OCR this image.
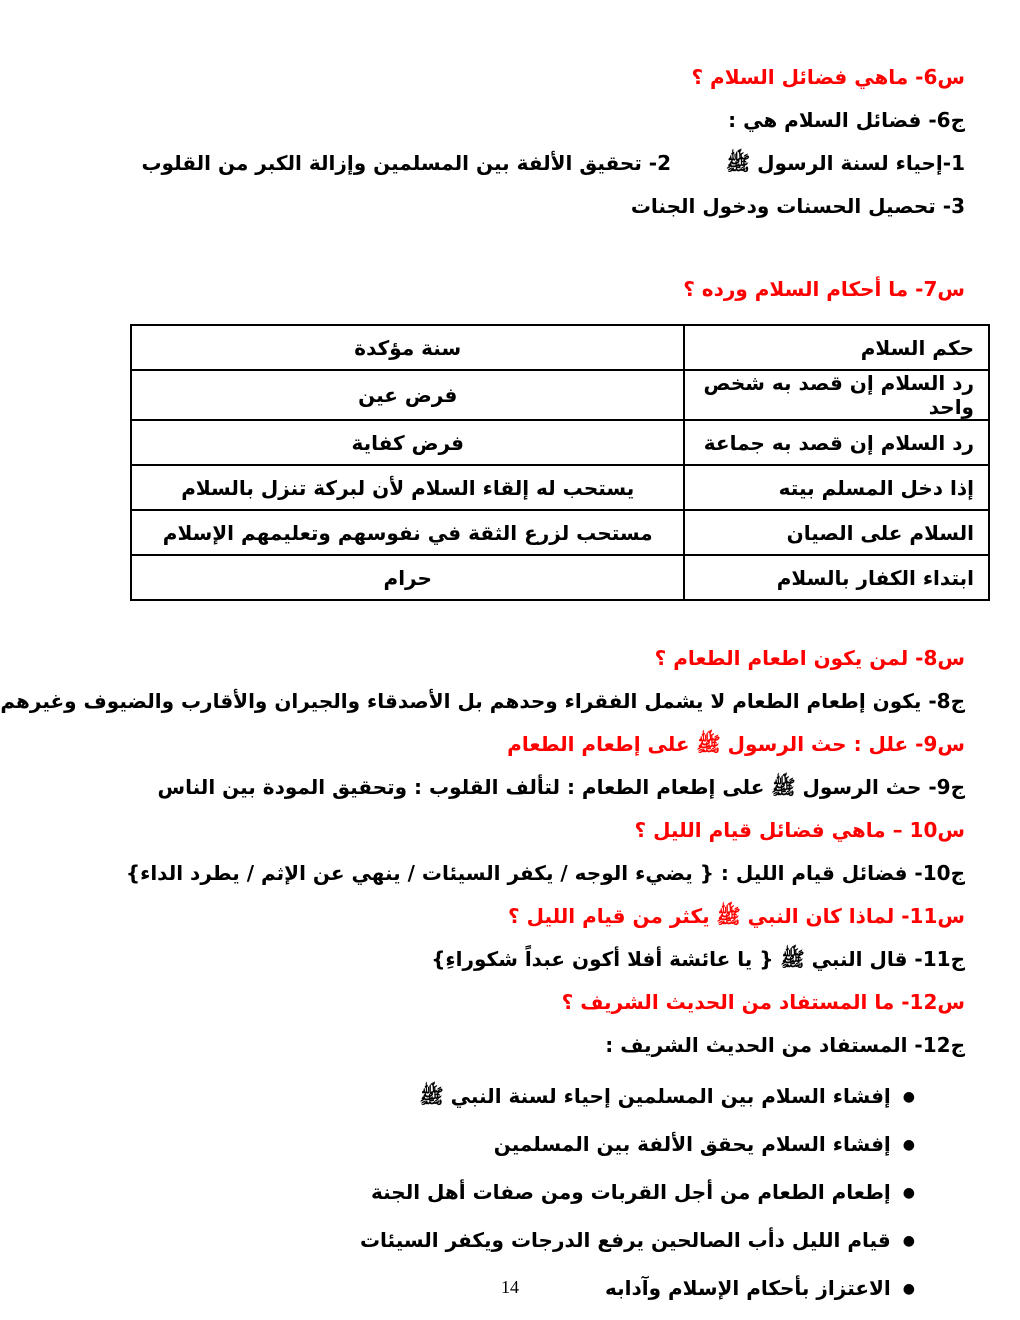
س6- ماهي فضائل السلام ؟

ج6- فضائل السلام هي :

1-إحياء لسنة الرسول ﷺ
2- تحقيق الألفة بين المسلمين وإزالة الكبر من القلوب

3- تحصيل الحسنات ودخول الجنات

س7- ما أحكام السلام ورده ؟

حكم السلام	سنة مؤكدة
رد السلام إن قصد به شخص واحد	فرض عين
رد السلام إن قصد به جماعة	فرض كفاية
إذا دخل المسلم بيته	يستحب له إلقاء السلام لأن لبركة تنزل بالسلام
السلام على الصيان	مستحب لزرع الثقة في نفوسهم وتعليمهم الإسلام
ابتداء الكفار بالسلام	حرام

س8- لمن يكون اطعام الطعام ؟

ج8- يكون إطعام الطعام لا يشمل الفقراء وحدهم بل الأصدقاء والجيران والأقارب والضيوف وغيرهم

س9- علل : حث الرسول ﷺ على إطعام الطعام

ج9- حث الرسول ﷺ على إطعام الطعام : لتألف القلوب : وتحقيق المودة بين الناس

س10 – ماهي فضائل قيام الليل ؟

ج10- فضائل قيام الليل : { يضيء الوجه / يكفر السيئات / ينهي عن الإثم / يطرد الداء}

س11- لماذا كان النبي ﷺ يكثر من قيام الليل ؟

ج11- قال النبي ﷺ { يا عائشة أفلا أكون عبداً شكوراءِ}

س12- ما المستفاد من الحديث الشريف ؟

ج12- المستفاد من الحديث الشريف :

●إفشاء السلام بين المسلمين إحياء لسنة النبي ﷺ
●إفشاء السلام يحقق الألفة بين المسلمين
●إطعام الطعام من أجل القربات ومن صفات أهل الجنة
●قيام الليل دأب الصالحين يرفع الدرجات ويكفر السيئات
●الاعتزاز بأحكام الإسلام وآدابه
14
